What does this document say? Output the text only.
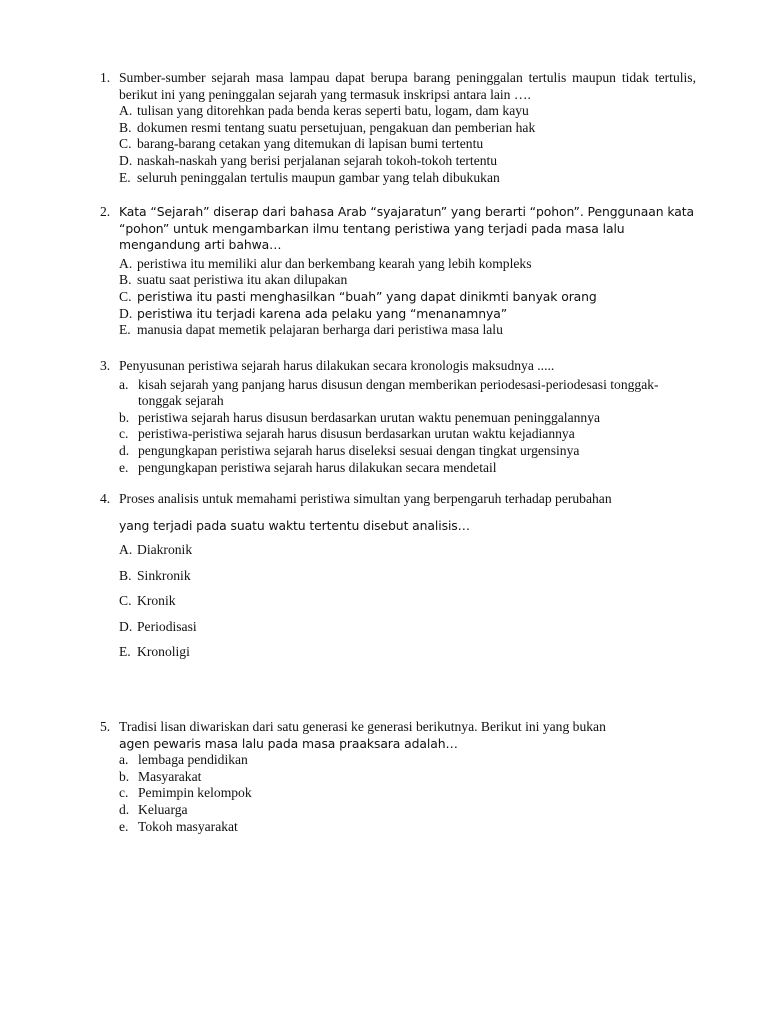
1. Sumber-sumber sejarah masa lampau dapat berupa barang peninggalan tertulis maupun tidak tertulis, berikut ini yang peninggalan sejarah yang termasuk inskripsi antara lain ….
A. tulisan yang ditorehkan pada benda keras seperti batu, logam, dam kayu
B. dokumen resmi tentang suatu persetujuan, pengakuan dan pemberian hak
C. barang-barang cetakan yang ditemukan di lapisan bumi tertentu
D. naskah-naskah yang berisi perjalanan sejarah tokoh-tokoh tertentu
E. seluruh peninggalan tertulis maupun gambar yang telah dibukukan
2. Kata “Sejarah” diserap dari bahasa Arab “syajaratun” yang berarti “pohon”. Penggunaan kata “pohon” untuk mengambarkan ilmu tentang peristiwa yang terjadi pada masa lalu mengandung arti bahwa…
A. peristiwa itu memiliki alur dan berkembang kearah yang lebih kompleks
B. suatu saat peristiwa itu akan dilupakan
C. peristiwa itu pasti menghasilkan “buah” yang dapat dinikmti banyak orang
D. peristiwa itu terjadi karena ada pelaku yang “menanamnya”
E. manusia dapat memetik pelajaran berharga dari peristiwa masa lalu
3. Penyusunan peristiwa sejarah harus dilakukan secara kronologis maksudnya .....
a. kisah sejarah yang panjang harus disusun dengan memberikan periodesasi-periodesasi tonggak-tonggak sejarah
b. peristiwa sejarah harus disusun berdasarkan urutan waktu penemuan peninggalannya
c. peristiwa-peristiwa sejarah harus disusun berdasarkan urutan waktu kejadiannya
d. pengungkapan peristiwa sejarah harus diseleksi sesuai dengan tingkat urgensinya
e. pengungkapan peristiwa sejarah harus dilakukan secara mendetail
4. Proses analisis untuk memahami peristiwa simultan yang berpengaruh terhadap perubahan
yang terjadi pada suatu waktu tertentu disebut analisis…
A. Diakronik
B. Sinkronik
C. Kronik
D. Periodisasi
E. Kronoligi
5. Tradisi lisan diwariskan dari satu generasi ke generasi berikutnya. Berikut ini yang bukan
agen pewaris masa lalu pada masa praaksara adalah…
a. lembaga pendidikan
b. Masyarakat
c. Pemimpin kelompok
d. Keluarga
e. Tokoh masyarakat
